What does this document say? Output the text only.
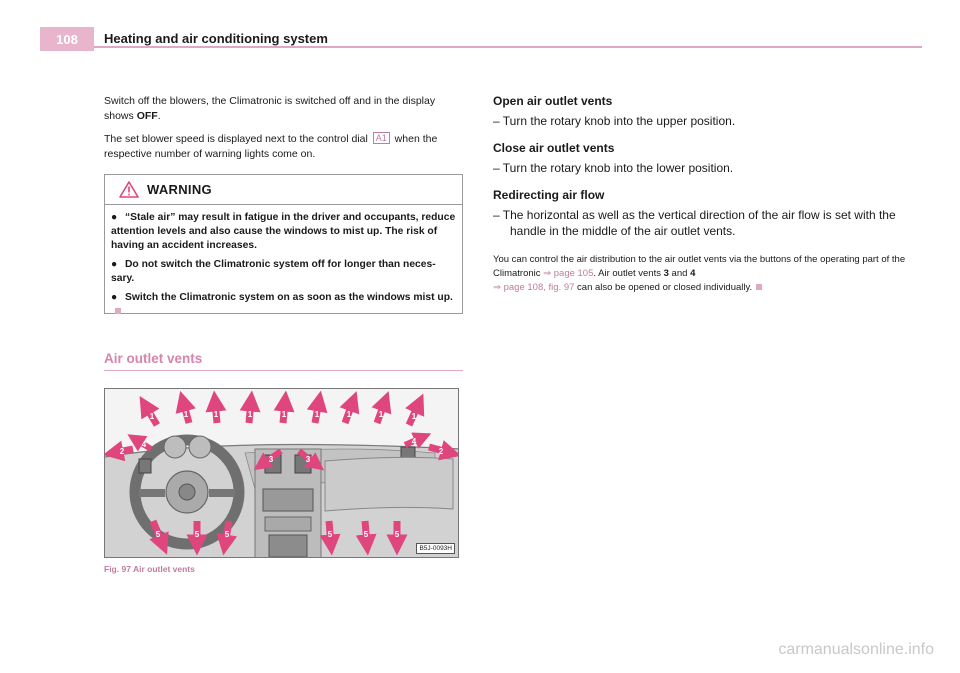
108	Heating and air conditioning system

Switch off the blowers, the Climatronic is switched off and in the display shows OFF.

The set blower speed is displayed next to the control dial A1 when the respective number of warning lights come on.

WARNING
● “Stale air” may result in fatigue in the driver and occupants, reduce attention levels and also cause the windows to mist up. The risk of having an accident increases.
● Do not switch the Climatronic system off for longer than neces-sary.
● Switch the Climatronic system on as soon as the windows mist up.
Air outlet vents
1	1	1	1	1	1	1	1	1
2	2
3	3
4	4
5	5	5	5	5	5
B5J-0093H
Fig. 97 Air outlet vents
Open air outlet vents
– Turn the rotary knob into the upper position.
Close air outlet vents
– Turn the rotary knob into the lower position.
Redirecting air flow
– The horizontal as well as the vertical direction of the air flow is set with the handle in the middle of the air outlet vents.

You can control the air distribution to the air outlet vents via the buttons of the operating part of the Climatronic ⇒ page 105. Air outlet vents 3 and 4
⇒ page 108, fig. 97 can also be opened or closed individually.

carmanualsonline.info
